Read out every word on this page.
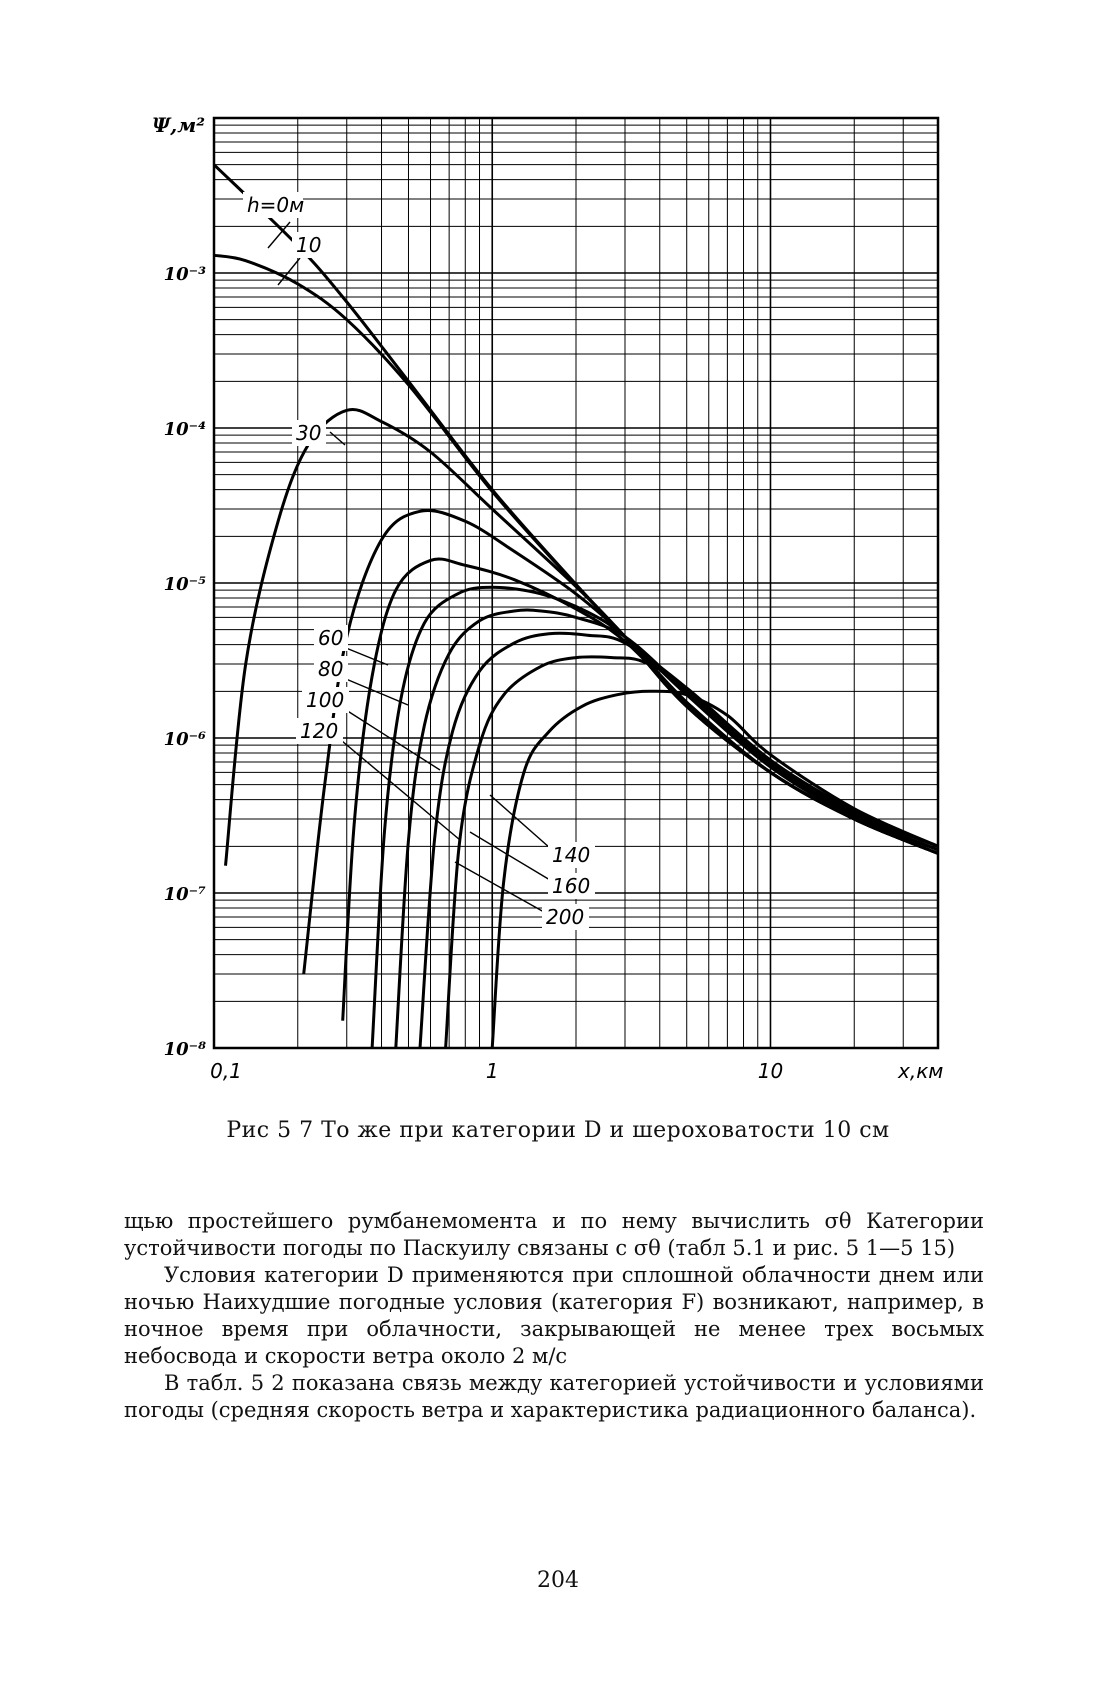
0,1	1	10
10⁻³
10⁻⁴
10⁻⁵
10⁻⁶
10⁻⁷
10⁻⁸
h=0м
10
30
60
80
100
120
140
160
200
Ψ,м²
x,км
Рис 5 7 То же при категории D и шероховатости 10 см

щью простейшего румбанемомента и по нему вычислить σθ Категории устойчивости погоды по Паскуилу связаны с σθ (табл 5.1 и рис. 5 1—5 15)

Условия категории D применяются при сплошной облачности днем или ночью Наихудшие погодные условия (категория F) возникают, например, в ночное время при облачности, закрывающей не менее трех восьмых небосвода и скорости ветра около 2 м/с

В табл. 5 2 показана связь между категорией устойчивости и условиями погоды (средняя скорость ветра и характеристика радиационного баланса).

204
